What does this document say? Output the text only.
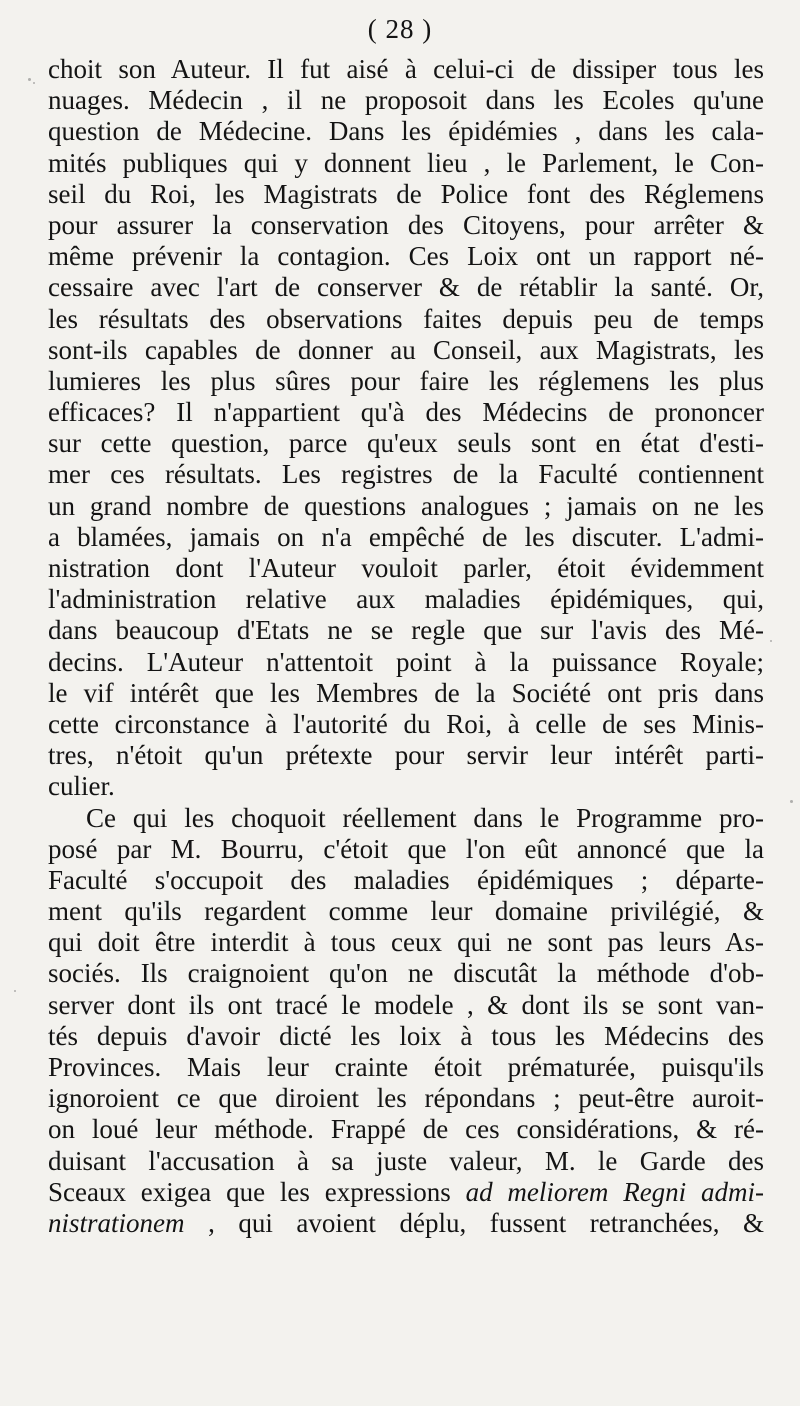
( 28 )
choit son Auteur. Il fut aisé à celui-ci de dissiper tous les
nuages. Médecin , il ne proposoit dans les Ecoles qu'une
question de Médecine. Dans les épidémies , dans les cala-
mités publiques qui y donnent lieu , le Parlement, le Con-
seil du Roi, les Magistrats de Police font des Réglemens
pour assurer la conservation des Citoyens, pour arrêter &
même prévenir la contagion. Ces Loix ont un rapport né-
cessaire avec l'art de conserver & de rétablir la santé. Or,
les résultats des observations faites depuis peu de temps
sont-ils capables de donner au Conseil, aux Magistrats, les
lumieres les plus sûres pour faire les réglemens les plus
efficaces? Il n'appartient qu'à des Médecins de prononcer
sur cette question, parce qu'eux seuls sont en état d'esti-
mer ces résultats. Les registres de la Faculté contiennent
un grand nombre de questions analogues ; jamais on ne les
a blamées, jamais on n'a empêché de les discuter. L'admi-
nistration dont l'Auteur vouloit parler, étoit évidemment
l'administration relative aux maladies épidémiques, qui,
dans beaucoup d'Etats ne se regle que sur l'avis des Mé-
decins. L'Auteur n'attentoit point à la puissance Royale;
le vif intérêt que les Membres de la Société ont pris dans
cette circonstance à l'autorité du Roi, à celle de ses Minis-
tres, n'étoit qu'un prétexte pour servir leur intérêt parti-
culier.
Ce qui les choquoit réellement dans le Programme pro-
posé par M. Bourru, c'étoit que l'on eût annoncé que la
Faculté s'occupoit des maladies épidémiques ; départe-
ment qu'ils regardent comme leur domaine privilégié, &
qui doit être interdit à tous ceux qui ne sont pas leurs As-
sociés. Ils craignoient qu'on ne discutât la méthode d'ob-
server dont ils ont tracé le modele , & dont ils se sont van-
tés depuis d'avoir dicté les loix à tous les Médecins des
Provinces. Mais leur crainte étoit prématurée, puisqu'ils
ignoroient ce que diroient les répondans ; peut-être auroit-
on loué leur méthode. Frappé de ces considérations, & ré-
duisant l'accusation à sa juste valeur, M. le Garde des
Sceaux exigea que les expressions ad meliorem Regni admi-
nistrationem , qui avoient déplu, fussent retranchées, &
